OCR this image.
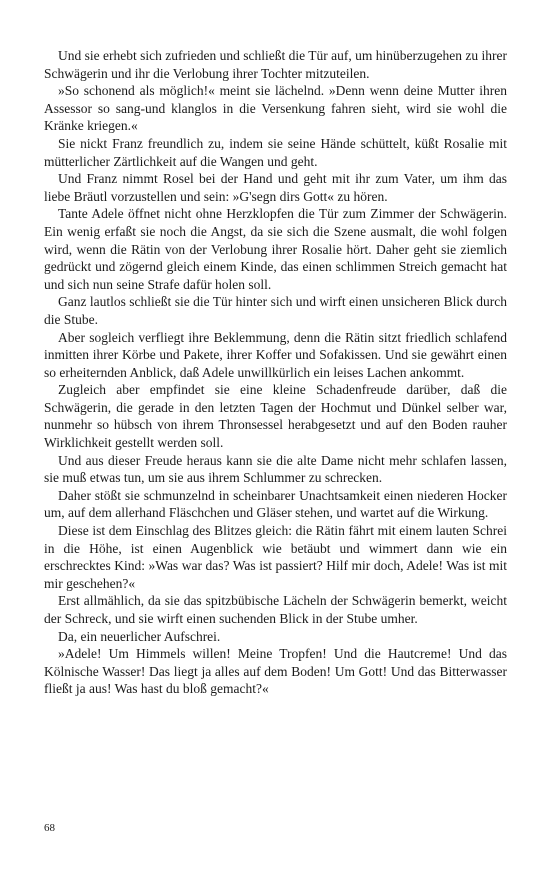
Und sie erhebt sich zufrieden und schließt die Tür auf, um hinüberzugehen zu ihrer Schwägerin und ihr die Verlobung ihrer Tochter mitzuteilen.

»So schonend als möglich!« meint sie lächelnd. »Denn wenn deine Mutter ihren Assessor so sang-und klanglos in die Versenkung fahren sieht, wird sie wohl die Kränke kriegen.«

Sie nickt Franz freundlich zu, indem sie seine Hände schüttelt, küßt Rosalie mit mütterlicher Zärtlichkeit auf die Wangen und geht.

Und Franz nimmt Rosel bei der Hand und geht mit ihr zum Vater, um ihm das liebe Bräutl vorzustellen und sein: »G'segn dirs Gott« zu hören.

Tante Adele öffnet nicht ohne Herzklopfen die Tür zum Zimmer der Schwägerin. Ein wenig erfaßt sie noch die Angst, da sie sich die Szene ausmalt, die wohl folgen wird, wenn die Rätin von der Verlobung ihrer Rosalie hört. Daher geht sie ziemlich gedrückt und zögernd gleich einem Kinde, das einen schlimmen Streich gemacht hat und sich nun seine Strafe dafür holen soll.

Ganz lautlos schließt sie die Tür hinter sich und wirft einen unsicheren Blick durch die Stube.

Aber sogleich verfliegt ihre Beklemmung, denn die Rätin sitzt friedlich schlafend inmitten ihrer Körbe und Pakete, ihrer Koffer und Sofakissen. Und sie gewährt einen so erheiternden Anblick, daß Adele unwillkürlich ein leises Lachen ankommt.

Zugleich aber empfindet sie eine kleine Schadenfreude darüber, daß die Schwägerin, die gerade in den letzten Tagen der Hochmut und Dünkel selber war, nunmehr so hübsch von ihrem Thronsessel herabgesetzt und auf den Boden rauher Wirklichkeit gestellt werden soll.

Und aus dieser Freude heraus kann sie die alte Dame nicht mehr schlafen lassen, sie muß etwas tun, um sie aus ihrem Schlummer zu schrecken.

Daher stößt sie schmunzelnd in scheinbarer Unachtsamkeit einen niederen Hocker um, auf dem allerhand Fläschchen und Gläser stehen, und wartet auf die Wirkung.

Diese ist dem Einschlag des Blitzes gleich: die Rätin fährt mit einem lauten Schrei in die Höhe, ist einen Augenblick wie betäubt und wimmert dann wie ein erschrecktes Kind: »Was war das? Was ist passiert? Hilf mir doch, Adele! Was ist mit mir geschehen?«

Erst allmählich, da sie das spitzbübische Lächeln der Schwägerin bemerkt, weicht der Schreck, und sie wirft einen suchenden Blick in der Stube umher.

Da, ein neuerlicher Aufschrei.

»Adele! Um Himmels willen! Meine Tropfen! Und die Hautcreme! Und das Kölnische Wasser! Das liegt ja alles auf dem Boden! Um Gott! Und das Bitterwasser fließt ja aus! Was hast du bloß gemacht?«

68
